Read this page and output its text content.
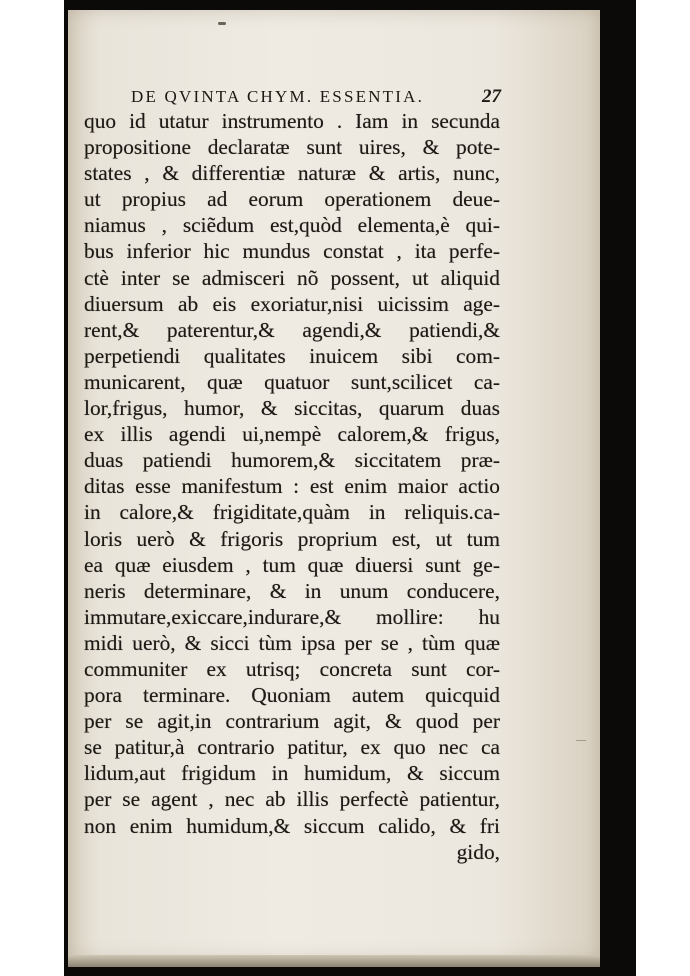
DE QVINTA CHYM. ESSENTIA.	27
quo id utatur instrumento . Iam in secunda
propositione declaratæ sunt uires, & pote-
states , & differentiæ naturæ & artis, nunc,
ut propius ad eorum operationem deue-
niamus , sciẽdum est,quòd elementa,è qui-
bus inferior hic mundus constat , ita perfe-
ctè inter se admisceri nõ possent, ut aliquid
diuersum ab eis exoriatur,nisi uicissim age-
rent,& paterentur,& agendi,& patiendi,&
perpetiendi qualitates inuicem sibi com-
municarent, quæ quatuor sunt,scilicet ca-
lor,frigus, humor, & siccitas, quarum duas
ex illis agendi ui,nempè calorem,& frigus,
duas patiendi humorem,& siccitatem præ-
ditas esse manifestum : est enim maior actio
in calore,& frigiditate,quàm in reliquis.ca-
loris uerò & frigoris proprium est, ut tum
ea quæ eiusdem , tum quæ diuersi sunt ge-
neris determinare, & in unum conducere,
immutare,exiccare,indurare,& mollire: hu
midi uerò, & sicci tùm ipsa per se , tùm quæ
communiter ex utrisq; concreta sunt cor-
pora terminare. Quoniam autem quicquid
per se agit,in contrarium agit, & quod per
se patitur,à contrario patitur, ex quo nec ca
lidum,aut frigidum in humidum, & siccum
per se agent , nec ab illis perfectè patientur,
non enim humidum,& siccum calido, & fri
gido,
